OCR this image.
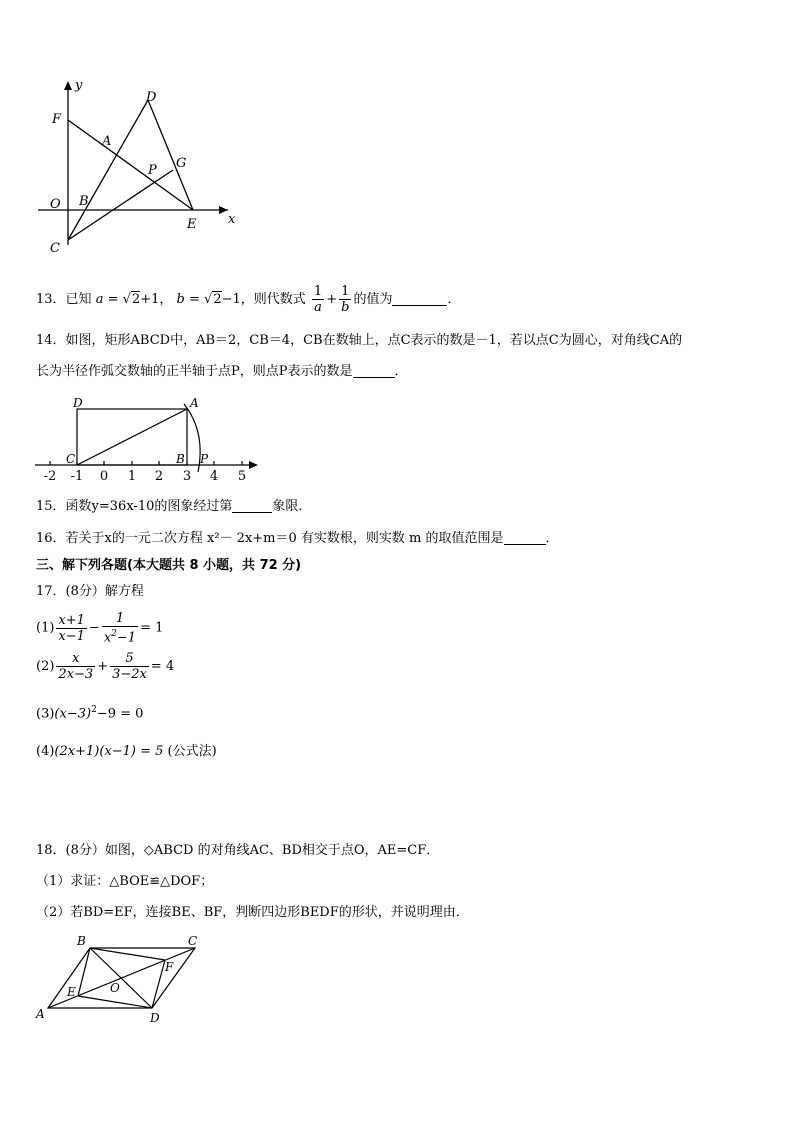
y
x
O
D
F
A
P G
B
E
C
13．已知 a = √2+1， b = √2−1，则代数式 $\frac{1}{a} + \frac{1}{b}$ 的值为	．
14．如图，矩形ABCD中，AB＝2，CB＝4，CB在数轴上，点C表示的数是－1，若以点C为圆心，对角线CA的
长为半径作弧交数轴的正半轴于点P，则点P表示的数是	．
D	A
C	B P
-2 -1 0 1 2 3 4 5
15．函数y=36x-10的图象经过第	象限．
16．若关于x的一元二次方程 x²－ 2x+m＝0 有实数根，则实数 m 的取值范围是	．
三、解下列各题(本大题共 8 小题，共 72 分)
17．(8分）解方程
$(1) \frac{x+1}{x-1} - \frac{1}{x^2-1} = 1$
$(2) \frac{x}{2x-3} + \frac{5}{3-2x} = 4$
$(3)(x-3)^2-9 = 0$
(4)(2x+1)(x−1) = 5 (公式法)
18．(8分）如图，◇ABCD 的对角线AC、BD相交于点O，AE=CF．
（1）求证：△BOE≌△DOF；
（2）若BD=EF，连接BE、BF，判断四边形BEDF的形状，并说明理由．
B	C
F
E	O
A	D
